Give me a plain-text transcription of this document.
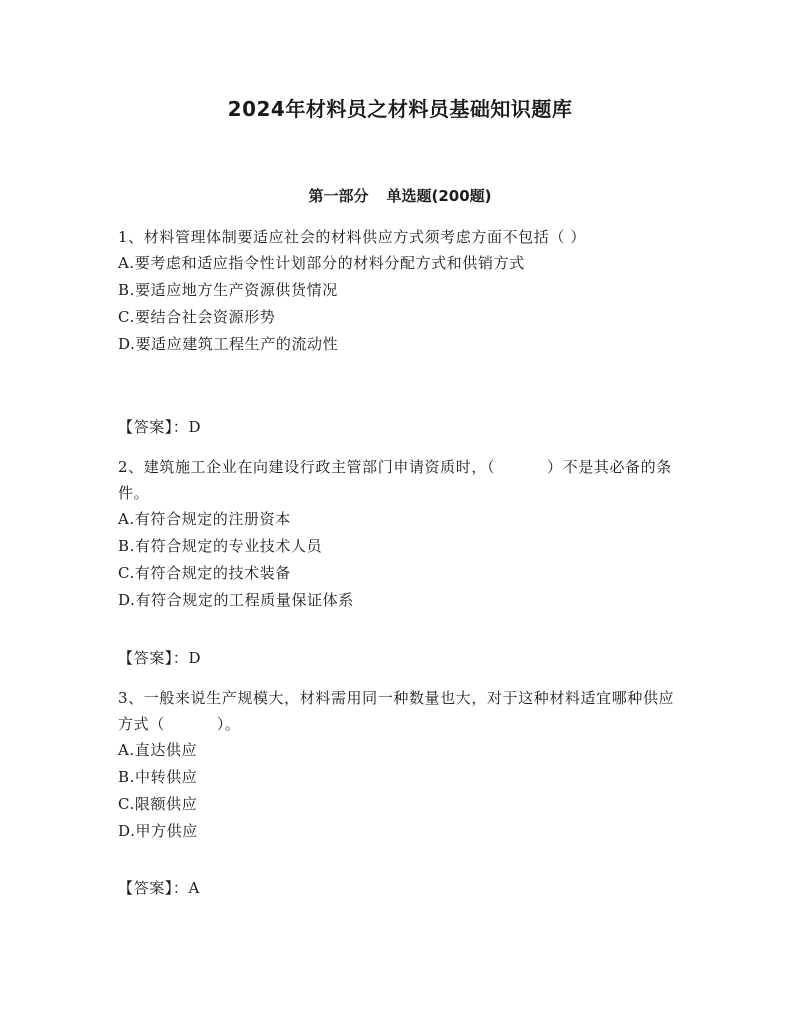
2024年材料员之材料员基础知识题库
第一部分 单选题(200题)

1、材料管理体制要适应社会的材料供应方式须考虑方面不包括（ ）

A.要考虑和适应指令性计划部分的材料分配方式和供销方式

B.要适应地方生产资源供货情况

C.要结合社会资源形势

D.要适应建筑工程生产的流动性

【答案】：D

2、建筑施工企业在向建设行政主管部门申请资质时，（	）不是其必备的条件。

A.有符合规定的注册资本

B.有符合规定的专业技术人员

C.有符合规定的技术装备

D.有符合规定的工程质量保证体系

【答案】：D

3、一般来说生产规模大，材料需用同一种数量也大，对于这种材料适宜哪种供应方式（	）。

A.直达供应

B.中转供应

C.限额供应

D.甲方供应

【答案】：A
